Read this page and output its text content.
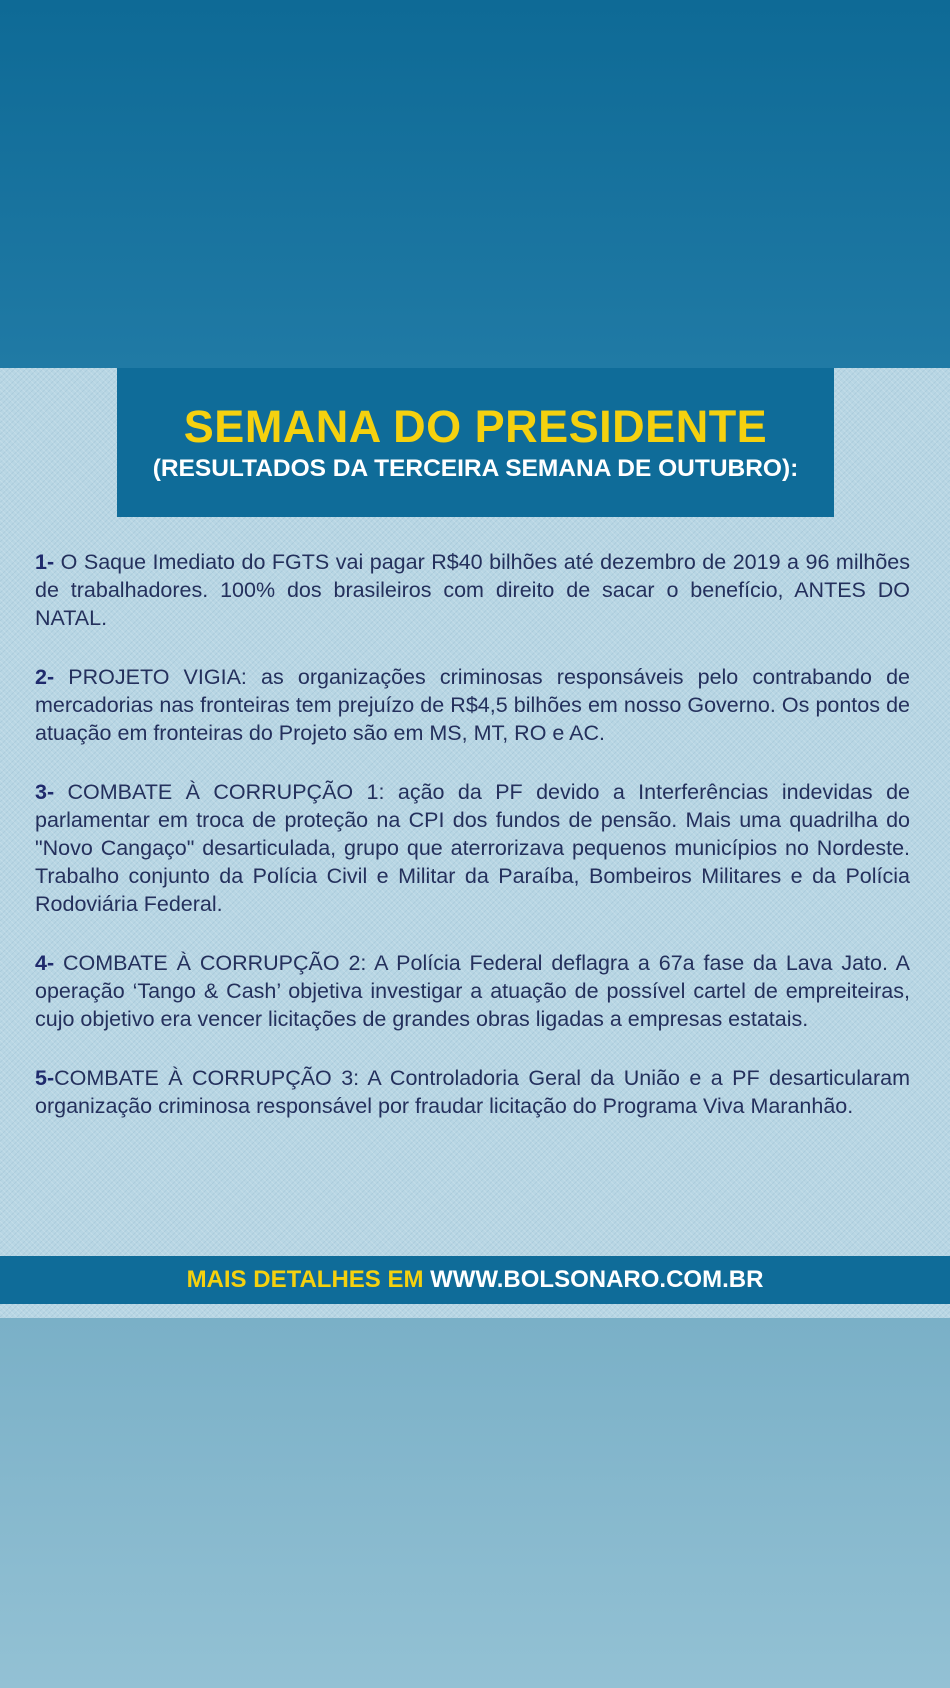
SEMANA DO PRESIDENTE
(RESULTADOS DA TERCEIRA SEMANA DE OUTUBRO):

1- O Saque Imediato do FGTS vai pagar R$40 bilhões até dezembro de 2019 a 96 milhões de trabalhadores. 100% dos brasileiros com direito de sacar o benefício, ANTES DO NATAL.

2- PROJETO VIGIA: as organizações criminosas responsáveis pelo contrabando de mercadorias nas fronteiras tem prejuízo de R$4,5 bilhões em nosso Governo. Os pontos de atuação em fronteiras do Projeto são em MS, MT, RO e AC.

3- COMBATE À CORRUPÇÃO 1: ação da PF devido a Interferências indevidas de parlamentar em troca de proteção na CPI dos fundos de pensão. Mais uma quadrilha do "Novo Cangaço" desarticulada, grupo que aterrorizava pequenos municípios no Nordeste. Trabalho conjunto da Polícia Civil e Militar da Paraíba, Bombeiros Militares e da Polícia Rodoviária Federal.

4- COMBATE À CORRUPÇÃO 2: A Polícia Federal deflagra a 67a fase da Lava Jato. A operação ‘Tango & Cash’ objetiva investigar a atuação de possível cartel de empreiteiras, cujo objetivo era vencer licitações de grandes obras ligadas a empresas estatais.

5-COMBATE À CORRUPÇÃO 3: A Controladoria Geral da União e a PF desarticularam organização criminosa responsável por fraudar licitação do Programa Viva Maranhão.

MAIS DETALHES EM WWW.BOLSONARO.COM.BR
